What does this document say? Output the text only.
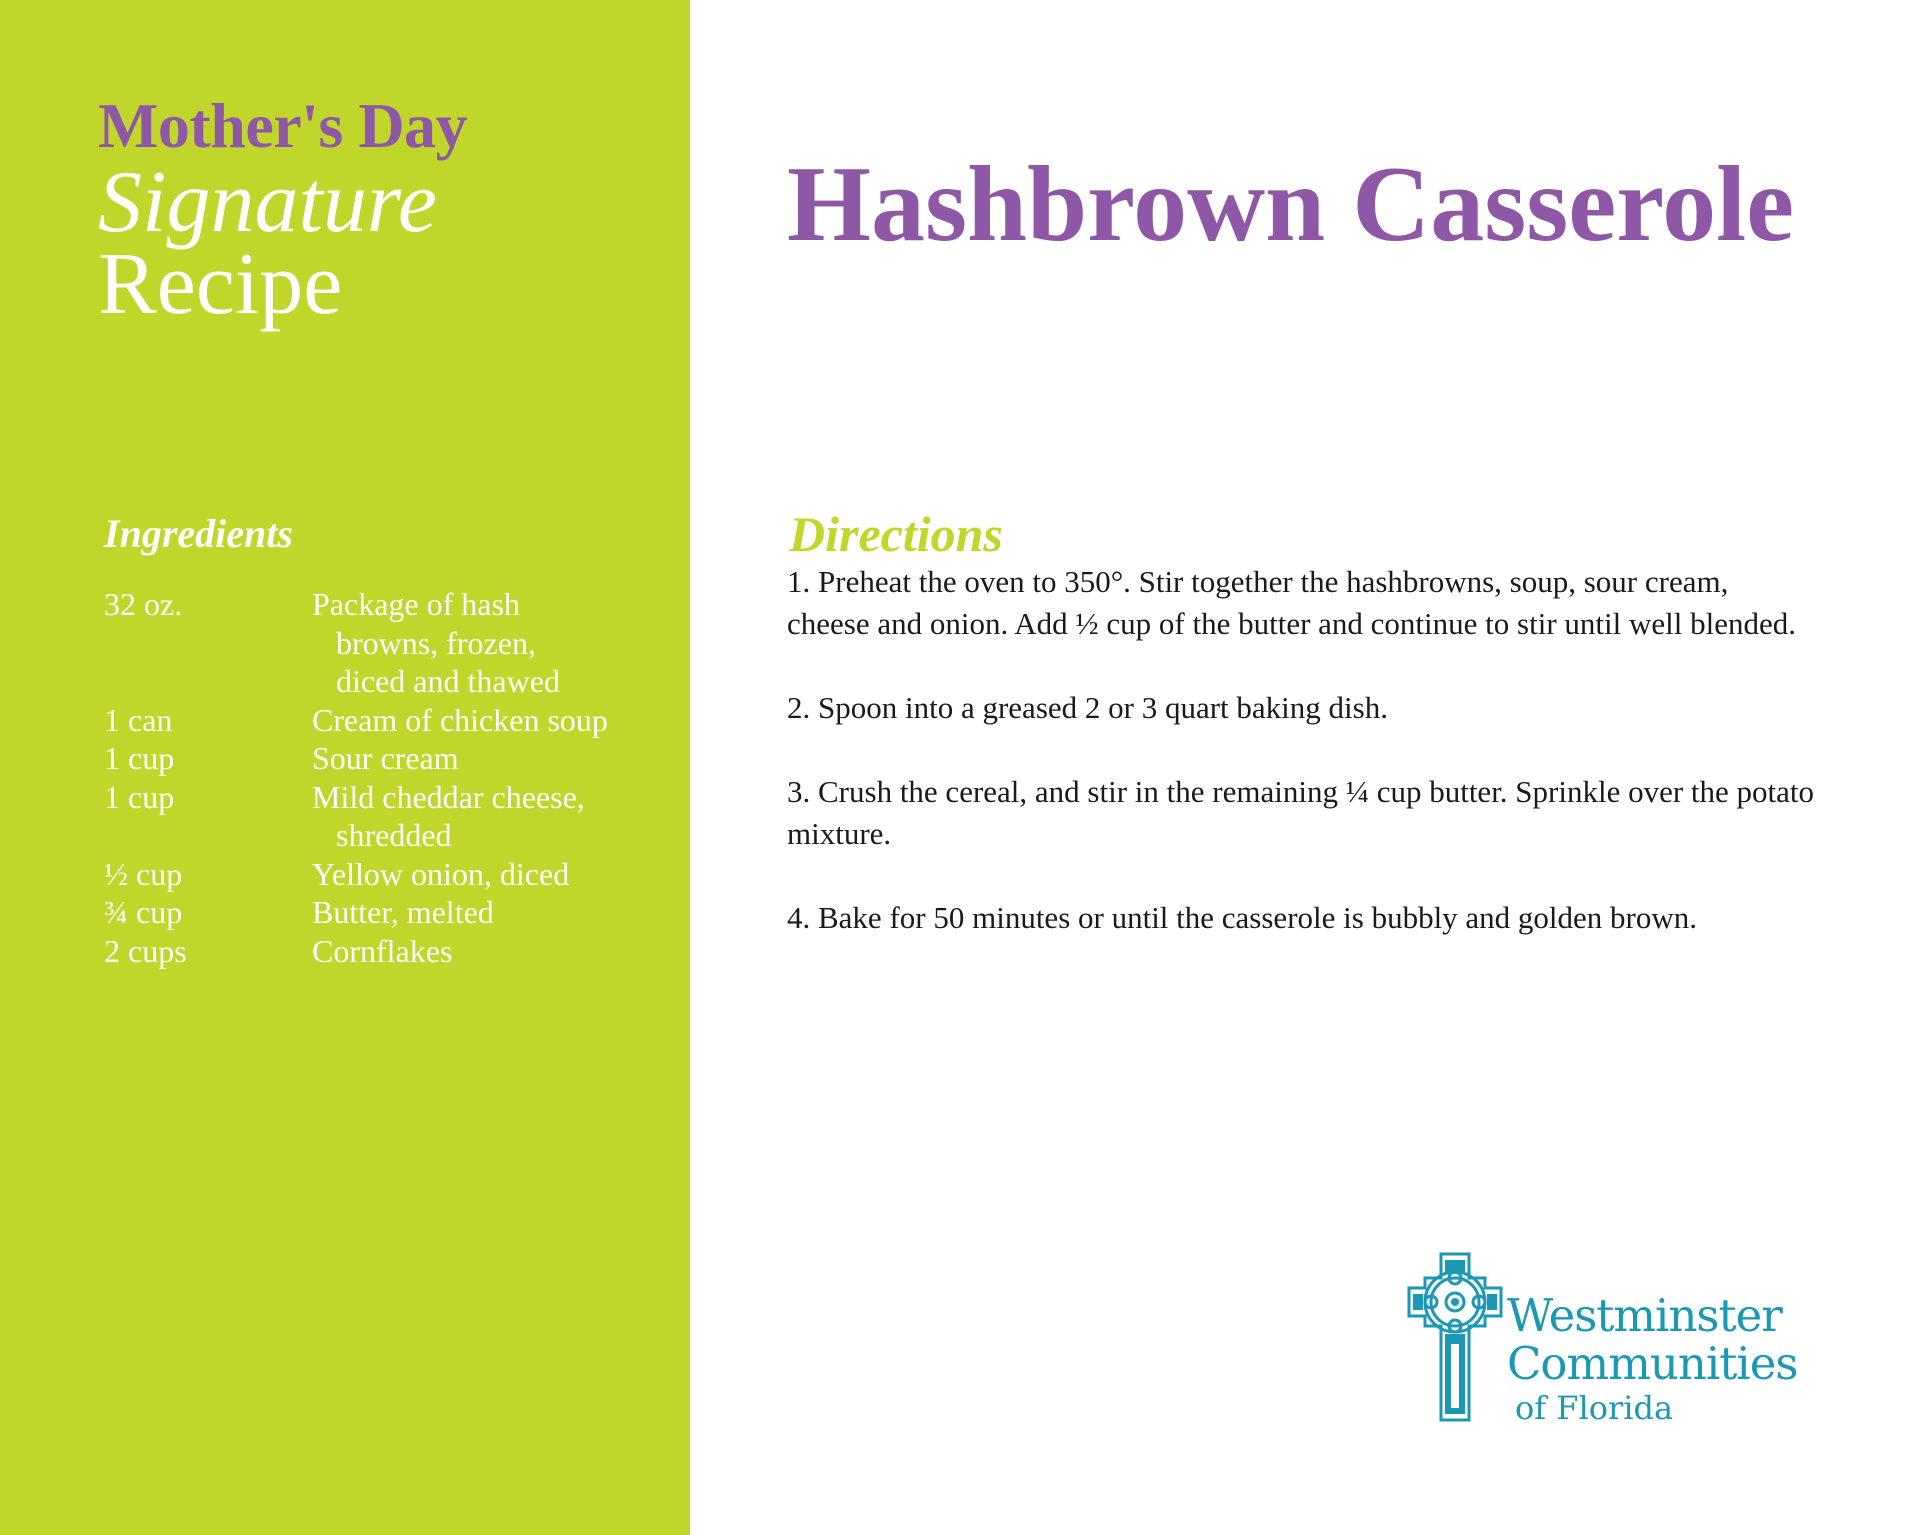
Mother's Day
Signature
Recipe
Ingredients
32 oz.	Package of hash
browns, frozen,
diced and thawed
1 can	Cream of chicken soup
1 cup	Sour cream
1 cup	Mild cheddar cheese,
shredded
½ cup	Yellow onion, diced
¾ cup	Butter, melted
2 cups	Cornflakes
Hashbrown Casserole
Directions

1. Preheat the oven to 350°. Stir together the hashbrowns, soup, sour cream, cheese and onion. Add ½ cup of the butter and continue to stir until well blended.

2. Spoon into a greased 2 or 3 quart baking dish.

3. Crush the cereal, and stir in the remaining ¼ cup butter. Sprinkle over the potato mixture.

4. Bake for 50 minutes or until the casserole is bubbly and golden brown.

Westminster
Communities
of Florida
